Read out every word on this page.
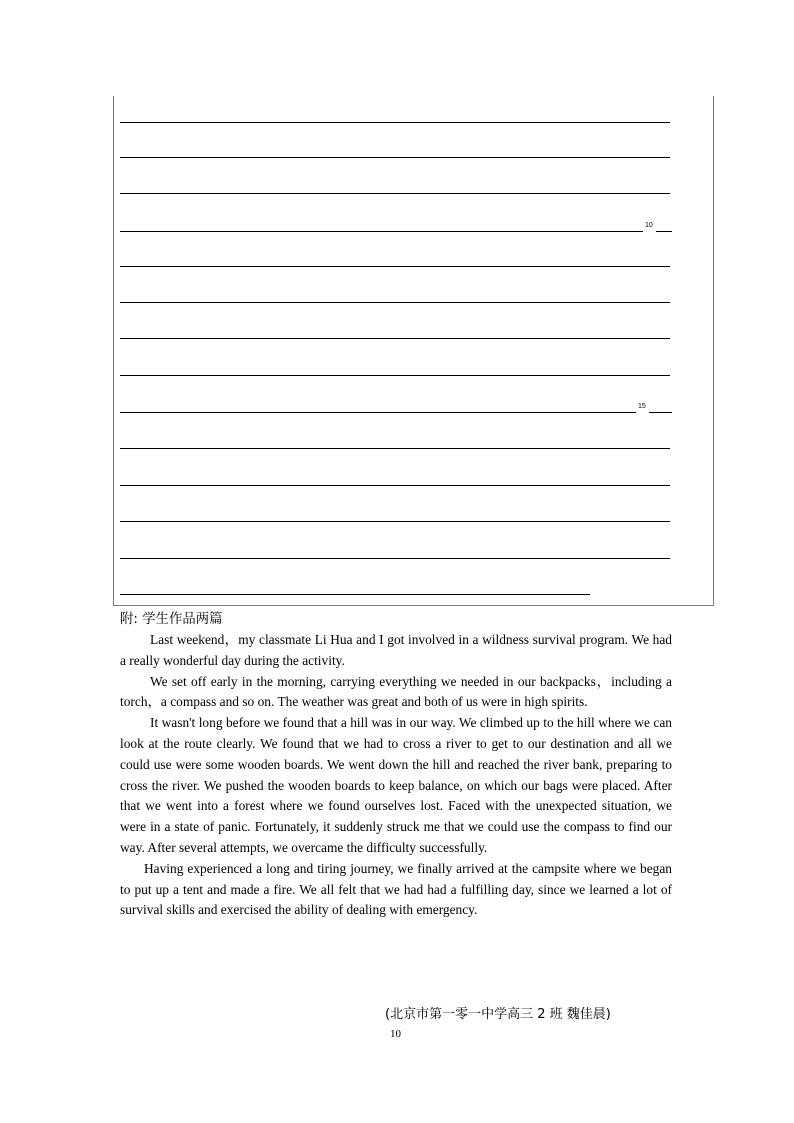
10
15

附: 学生作品两篇

Last weekend，my classmate Li Hua and I got involved in a wildness survival program. We had a really wonderful day during the activity.

We set off early in the morning, carrying everything we needed in our backpacks，including a torch，a compass and so on. The weather was great and both of us were in high spirits.

It wasn't long before we found that a hill was in our way. We climbed up to the hill where we can look at the route clearly. We found that we had to cross a river to get to our destination and all we could use were some wooden boards. We went down the hill and reached the river bank, preparing to cross the river. We pushed the wooden boards to keep balance, on which our bags were placed. After that we went into a forest where we found ourselves lost. Faced with the unexpected situation, we were in a state of panic. Fortunately, it suddenly struck me that we could use the compass to find our way. After several attempts, we overcame the difficulty successfully.

Having experienced a long and tiring journey, we finally arrived at the campsite where we began to put up a tent and made a fire. We all felt that we had had a fulfilling day, since we learned a lot of survival skills and exercised the ability of dealing with emergency.

(北京市第一零一中学高三 2 班 魏佳晨)
10
